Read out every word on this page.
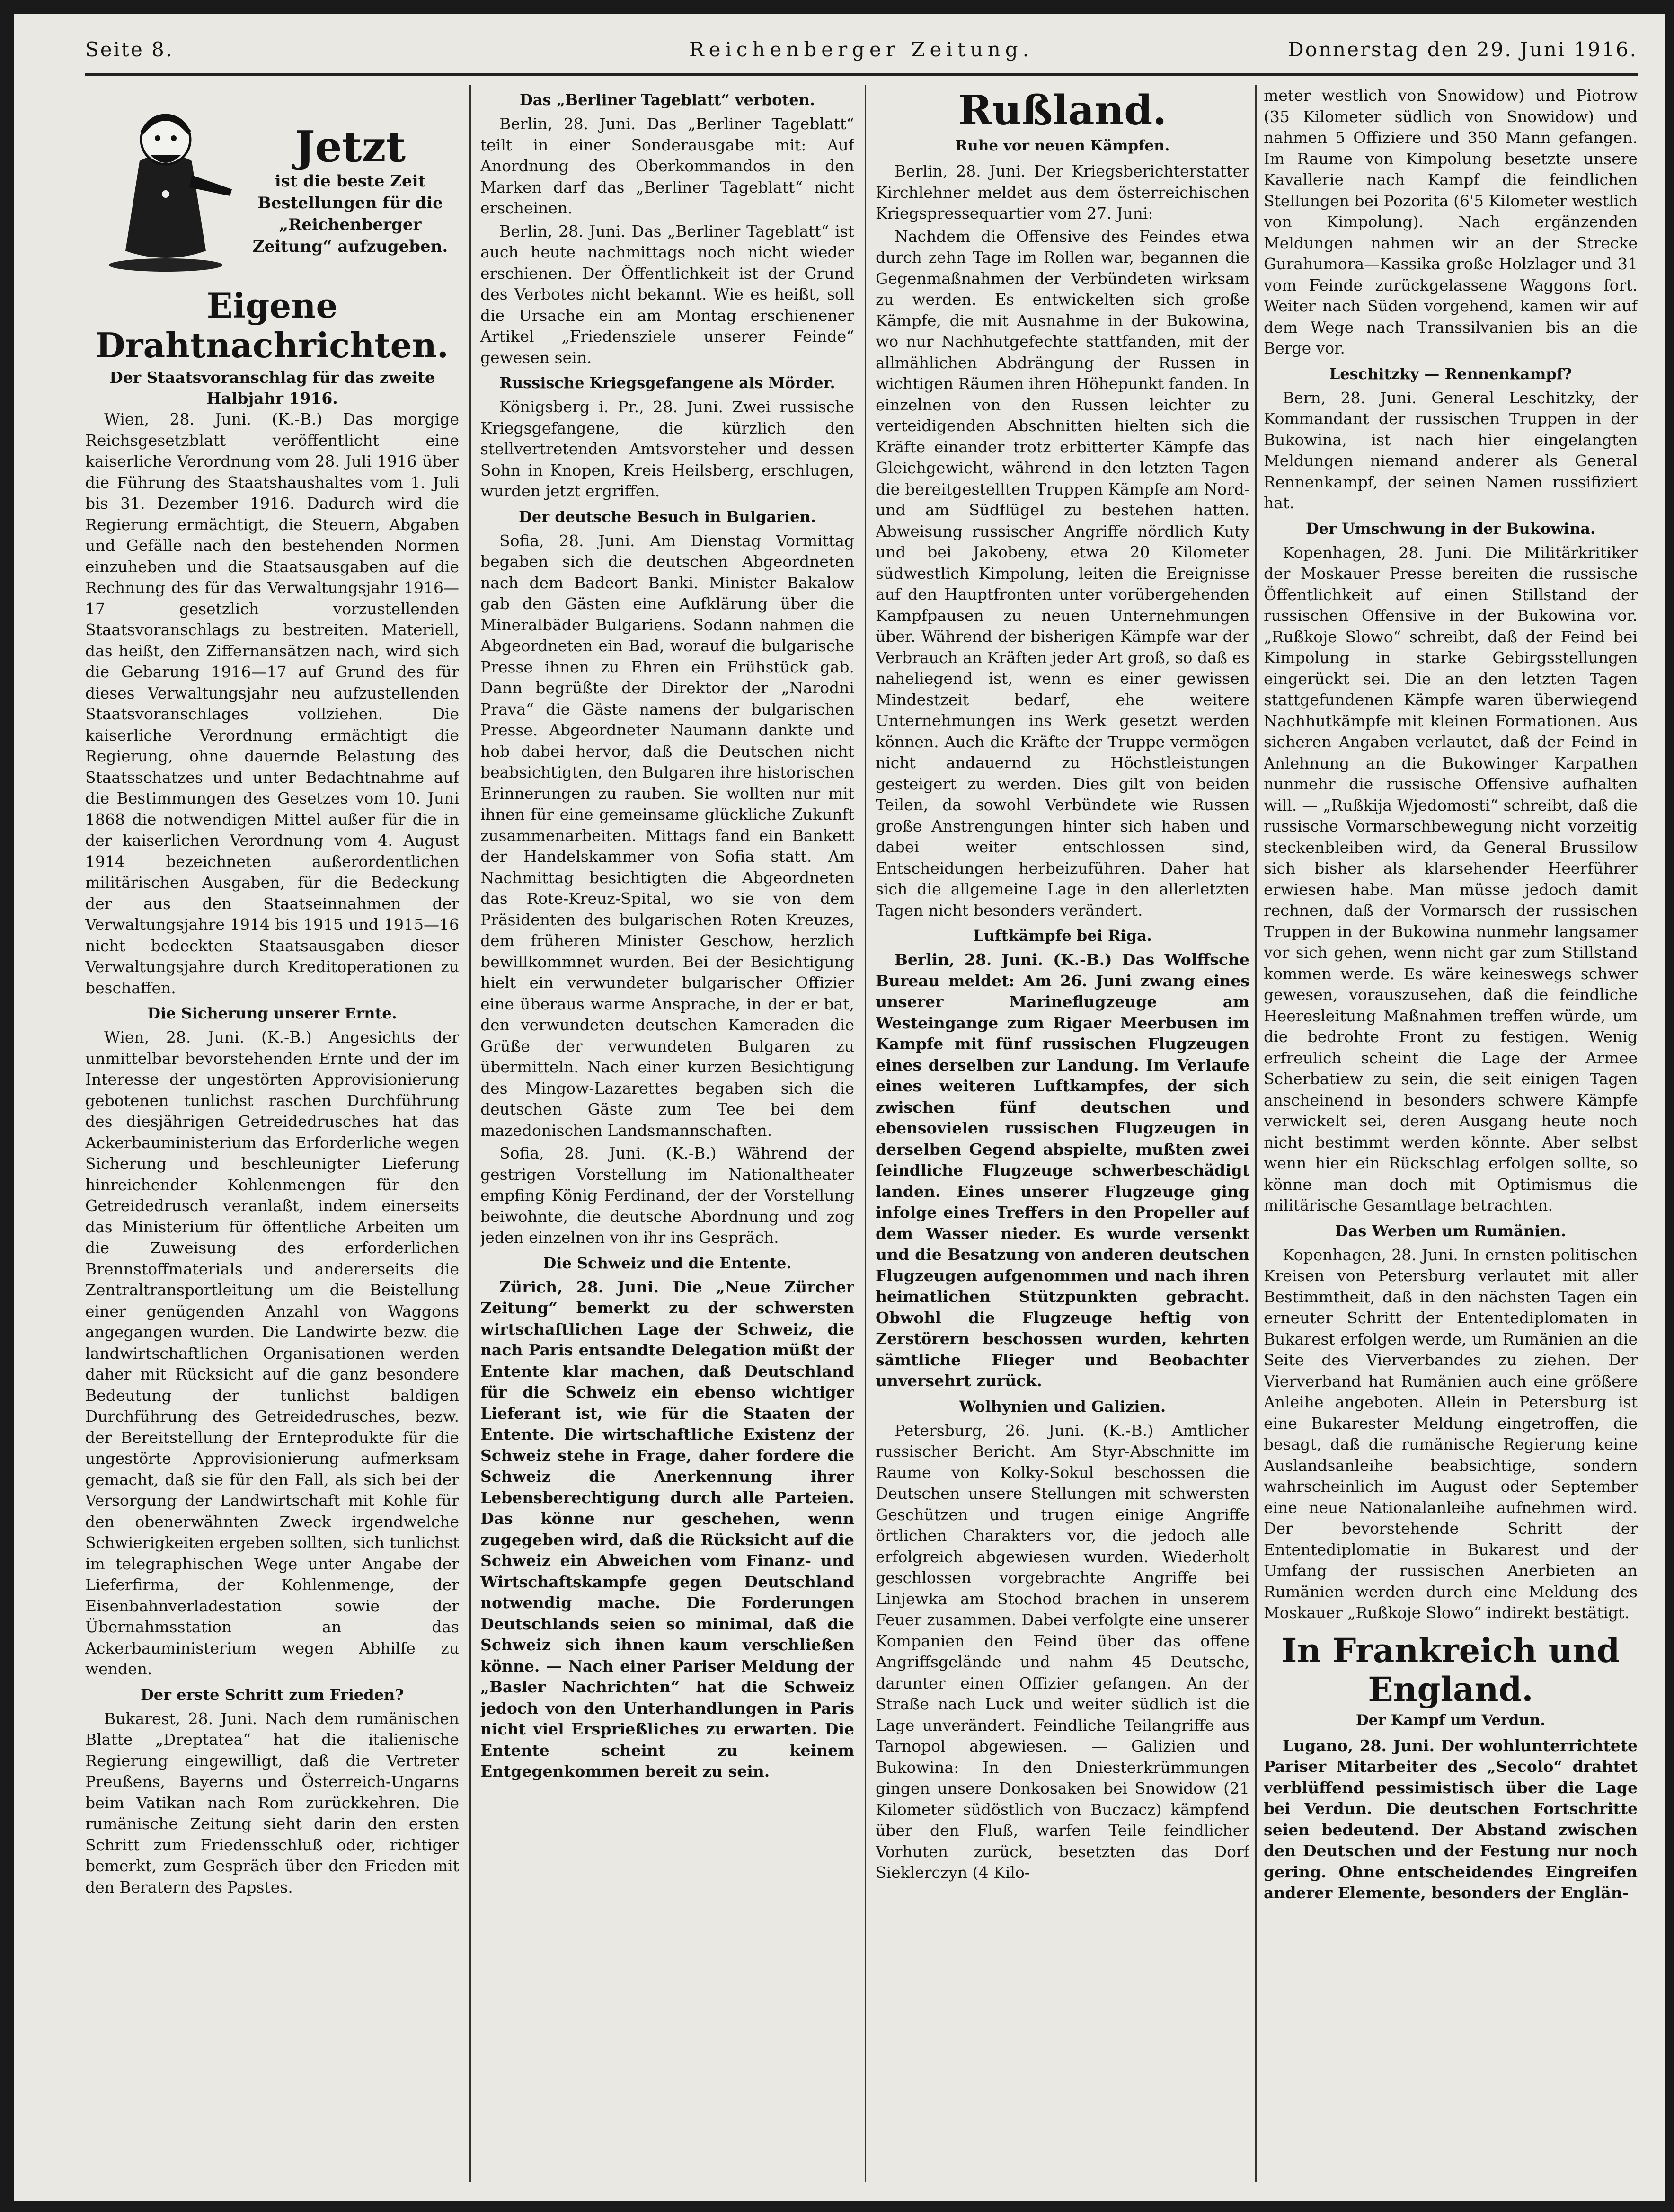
Seite 8.	Reichenberger Zeitung.	Donnerstag den 29. Juni 1916.
Jetzt
ist die beste Zeit Bestellungen für die „Reichenberger Zeitung“ aufzugeben.
Eigene Drahtnachrichten.
Der Staatsvoranschlag für das zweite Halbjahr 1916.

Wien, 28. Juni. (K.-B.) Das morgige Reichsgesetzblatt veröffentlicht eine kaiserliche Verordnung vom 28. Juli 1916 über die Führung des Staatshaushaltes vom 1. Juli bis 31. Dezember 1916. Dadurch wird die Regierung ermächtigt, die Steuern, Abgaben und Gefälle nach den bestehenden Normen einzuheben und die Staatsausgaben auf die Rechnung des für das Verwaltungsjahr 1916—17 gesetzlich vorzustellenden Staatsvoranschlags zu bestreiten. Materiell, das heißt, den Ziffernansätzen nach, wird sich die Gebarung 1916—17 auf Grund des für dieses Verwaltungsjahr neu aufzustellenden Staatsvoranschlages vollziehen. Die kaiserliche Verordnung ermächtigt die Regierung, ohne dauernde Belastung des Staatsschatzes und unter Bedachtnahme auf die Bestimmungen des Gesetzes vom 10. Juni 1868 die notwendigen Mittel außer für die in der kaiserlichen Verordnung vom 4. August 1914 bezeichneten außerordentlichen militärischen Ausgaben, für die Bedeckung der aus den Staatseinnahmen der Verwaltungsjahre 1914 bis 1915 und 1915—16 nicht bedeckten Staatsausgaben dieser Verwaltungsjahre durch Kreditoperationen zu beschaffen.

Die Sicherung unserer Ernte.

Wien, 28. Juni. (K.-B.) Angesichts der unmittelbar bevorstehenden Ernte und der im Interesse der ungestörten Approvisionierung gebotenen tunlichst raschen Durchführung des diesjährigen Getreidedrusches hat das Ackerbauministerium das Erforderliche wegen Sicherung und beschleunigter Lieferung hinreichender Kohlenmengen für den Getreidedrusch veranlaßt, indem einerseits das Ministerium für öffentliche Arbeiten um die Zuweisung des erforderlichen Brennstoffmaterials und andererseits die Zentraltransportleitung um die Beistellung einer genügenden Anzahl von Waggons angegangen wurden. Die Landwirte bezw. die landwirtschaftlichen Organisationen werden daher mit Rücksicht auf die ganz besondere Bedeutung der tunlichst baldigen Durchführung des Getreidedrusches, bezw. der Bereitstellung der Ernteprodukte für die ungestörte Approvisionierung aufmerksam gemacht, daß sie für den Fall, als sich bei der Versorgung der Landwirtschaft mit Kohle für den obenerwähnten Zweck irgendwelche Schwierigkeiten ergeben sollten, sich tunlichst im telegraphischen Wege unter Angabe der Lieferfirma, der Kohlenmenge, der Eisenbahnverladestation sowie der Übernahmsstation an das Ackerbauministerium wegen Abhilfe zu wenden.

Der erste Schritt zum Frieden?

Bukarest, 28. Juni. Nach dem rumänischen Blatte „Dreptatea“ hat die italienische Regierung eingewilligt, daß die Vertreter Preußens, Bayerns und Österreich-Ungarns beim Vatikan nach Rom zurückkehren. Die rumänische Zeitung sieht darin den ersten Schritt zum Friedensschluß oder, richtiger bemerkt, zum Gespräch über den Frieden mit den Beratern des Papstes.

Das „Berliner Tageblatt“ verboten.

Berlin, 28. Juni. Das „Berliner Tageblatt“ teilt in einer Sonderausgabe mit: Auf Anordnung des Oberkommandos in den Marken darf das „Berliner Tageblatt“ nicht erscheinen.

Berlin, 28. Juni. Das „Berliner Tageblatt“ ist auch heute nachmittags noch nicht wieder erschienen. Der Öffentlichkeit ist der Grund des Verbotes nicht bekannt. Wie es heißt, soll die Ursache ein am Montag erschienener Artikel „Friedensziele unserer Feinde“ gewesen sein.

Russische Kriegsgefangene als Mörder.

Königsberg i. Pr., 28. Juni. Zwei russische Kriegsgefangene, die kürzlich den stellvertretenden Amtsvorsteher und dessen Sohn in Knopen, Kreis Heilsberg, erschlugen, wurden jetzt ergriffen.

Der deutsche Besuch in Bulgarien.

Sofia, 28. Juni. Am Dienstag Vormittag begaben sich die deutschen Abgeordneten nach dem Badeort Banki. Minister Bakalow gab den Gästen eine Aufklärung über die Mineralbäder Bulgariens. Sodann nahmen die Abgeordneten ein Bad, worauf die bulgarische Presse ihnen zu Ehren ein Frühstück gab. Dann begrüßte der Direktor der „Narodni Prava“ die Gäste namens der bulgarischen Presse. Abgeordneter Naumann dankte und hob dabei hervor, daß die Deutschen nicht beabsichtigten, den Bulgaren ihre historischen Erinnerungen zu rauben. Sie wollten nur mit ihnen für eine gemeinsame glückliche Zukunft zusammenarbeiten. Mittags fand ein Bankett der Handelskammer von Sofia statt. Am Nachmittag besichtigten die Abgeordneten das Rote-Kreuz-Spital, wo sie von dem Präsidenten des bulgarischen Roten Kreuzes, dem früheren Minister Geschow, herzlich bewillkommnet wurden. Bei der Besichtigung hielt ein verwundeter bulgarischer Offizier eine überaus warme Ansprache, in der er bat, den verwundeten deutschen Kameraden die Grüße der verwundeten Bulgaren zu übermitteln. Nach einer kurzen Besichtigung des Mingow-Lazarettes begaben sich die deutschen Gäste zum Tee bei dem mazedonischen Landsmannschaften.

Sofia, 28. Juni. (K.-B.) Während der gestrigen Vorstellung im Nationaltheater empfing König Ferdinand, der der Vorstellung beiwohnte, die deutsche Abordnung und zog jeden einzelnen von ihr ins Gespräch.

Die Schweiz und die Entente.

Zürich, 28. Juni. Die „Neue Zürcher Zeitung“ bemerkt zu der schwersten wirtschaftlichen Lage der Schweiz, die nach Paris entsandte Delegation müßt der Entente klar machen, daß Deutschland für die Schweiz ein ebenso wichtiger Lieferant ist, wie für die Staaten der Entente. Die wirtschaftliche Existenz der Schweiz stehe in Frage, daher fordere die Schweiz die Anerkennung ihrer Lebensberechtigung durch alle Parteien. Das könne nur geschehen, wenn zugegeben wird, daß die Rücksicht auf die Schweiz ein Abweichen vom Finanz- und Wirtschaftskampfe gegen Deutschland notwendig mache. Die Forderungen Deutschlands seien so minimal, daß die Schweiz sich ihnen kaum verschließen könne. — Nach einer Pariser Meldung der „Basler Nachrichten“ hat die Schweiz jedoch von den Unterhandlungen in Paris nicht viel Ersprießliches zu erwarten. Die Entente scheint zu keinem Entgegenkommen bereit zu sein.

Rußland.
Ruhe vor neuen Kämpfen.

Berlin, 28. Juni. Der Kriegsberichterstatter Kirchlehner meldet aus dem österreichischen Kriegspressequartier vom 27. Juni:

Nachdem die Offensive des Feindes etwa durch zehn Tage im Rollen war, begannen die Gegenmaßnahmen der Verbündeten wirksam zu werden. Es entwickelten sich große Kämpfe, die mit Ausnahme in der Bukowina, wo nur Nachhutgefechte stattfanden, mit der allmählichen Abdrängung der Russen in wichtigen Räumen ihren Höhepunkt fanden. In einzelnen von den Russen leichter zu verteidigenden Abschnitten hielten sich die Kräfte einander trotz erbitterter Kämpfe das Gleichgewicht, während in den letzten Tagen die bereitgestellten Truppen Kämpfe am Nord- und am Südflügel zu bestehen hatten. Abweisung russischer Angriffe nördlich Kuty und bei Jakobeny, etwa 20 Kilometer südwestlich Kimpolung, leiten die Ereignisse auf den Hauptfronten unter vorübergehenden Kampfpausen zu neuen Unternehmungen über. Während der bisherigen Kämpfe war der Verbrauch an Kräften jeder Art groß, so daß es naheliegend ist, wenn es einer gewissen Mindestzeit bedarf, ehe weitere Unternehmungen ins Werk gesetzt werden können. Auch die Kräfte der Truppe vermögen nicht andauernd zu Höchstleistungen gesteigert zu werden. Dies gilt von beiden Teilen, da sowohl Verbündete wie Russen große Anstrengungen hinter sich haben und dabei weiter entschlossen sind, Entscheidungen herbeizuführen. Daher hat sich die allgemeine Lage in den allerletzten Tagen nicht besonders verändert.

Luftkämpfe bei Riga.

Berlin, 28. Juni. (K.-B.) Das Wolffsche Bureau meldet: Am 26. Juni zwang eines unserer Marineflugzeuge am Westeingange zum Rigaer Meerbusen im Kampfe mit fünf russischen Flugzeugen eines derselben zur Landung. Im Verlaufe eines weiteren Luftkampfes, der sich zwischen fünf deutschen und ebensovielen russischen Flugzeugen in derselben Gegend abspielte, mußten zwei feindliche Flugzeuge schwerbeschädigt landen. Eines unserer Flugzeuge ging infolge eines Treffers in den Propeller auf dem Wasser nieder. Es wurde versenkt und die Besatzung von anderen deutschen Flugzeugen aufgenommen und nach ihren heimatlichen Stützpunkten gebracht. Obwohl die Flugzeuge heftig von Zerstörern beschossen wurden, kehrten sämtliche Flieger und Beobachter unversehrt zurück.

Wolhynien und Galizien.

Petersburg, 26. Juni. (K.-B.) Amtlicher russischer Bericht. Am Styr-Abschnitte im Raume von Kolky-Sokul beschossen die Deutschen unsere Stellungen mit schwersten Geschützen und trugen einige Angriffe örtlichen Charakters vor, die jedoch alle erfolgreich abgewiesen wurden. Wiederholt geschlossen vorgebrachte Angriffe bei Linjewka am Stochod brachen in unserem Feuer zusammen. Dabei verfolgte eine unserer Kompanien den Feind über das offene Angriffsgelände und nahm 45 Deutsche, darunter einen Offizier gefangen. An der Straße nach Luck und weiter südlich ist die Lage unverändert. Feindliche Teilangriffe aus Tarnopol abgewiesen. — Galizien und Bukowina: In den Dniesterkrümmungen gingen unsere Donkosaken bei Snowidow (21 Kilometer südöstlich von Buczacz) kämpfend über den Fluß, warfen Teile feindlicher Vorhuten zurück, besetzten das Dorf Sieklerczyn (4 Kilo-

meter westlich von Snowidow) und Piotrow (35 Kilometer südlich von Snowidow) und nahmen 5 Offiziere und 350 Mann gefangen. Im Raume von Kimpolung besetzte unsere Kavallerie nach Kampf die feindlichen Stellungen bei Pozorita (6'5 Kilometer westlich von Kimpolung). Nach ergänzenden Meldungen nahmen wir an der Strecke Gurahumora—Kassika große Holzlager und 31 vom Feinde zurückgelassene Waggons fort. Weiter nach Süden vorgehend, kamen wir auf dem Wege nach Transsilvanien bis an die Berge vor.

Leschitzky — Rennenkampf?

Bern, 28. Juni. General Leschitzky, der Kommandant der russischen Truppen in der Bukowina, ist nach hier eingelangten Meldungen niemand anderer als General Rennenkampf, der seinen Namen russifiziert hat.

Der Umschwung in der Bukowina.

Kopenhagen, 28. Juni. Die Militärkritiker der Moskauer Presse bereiten die russische Öffentlichkeit auf einen Stillstand der russischen Offensive in der Bukowina vor. „Rußkoje Slowo“ schreibt, daß der Feind bei Kimpolung in starke Gebirgsstellungen eingerückt sei. Die an den letzten Tagen stattgefundenen Kämpfe waren überwiegend Nachhutkämpfe mit kleinen Formationen. Aus sicheren Angaben verlautet, daß der Feind in Anlehnung an die Bukowinger Karpathen nunmehr die russische Offensive aufhalten will. — „Rußkija Wjedomosti“ schreibt, daß die russische Vormarschbewegung nicht vorzeitig steckenbleiben wird, da General Brussilow sich bisher als klarsehender Heerführer erwiesen habe. Man müsse jedoch damit rechnen, daß der Vormarsch der russischen Truppen in der Bukowina nunmehr langsamer vor sich gehen, wenn nicht gar zum Stillstand kommen werde. Es wäre keineswegs schwer gewesen, vorauszusehen, daß die feindliche Heeresleitung Maßnahmen treffen würde, um die bedrohte Front zu festigen. Wenig erfreulich scheint die Lage der Armee Scherbatiew zu sein, die seit einigen Tagen anscheinend in besonders schwere Kämpfe verwickelt sei, deren Ausgang heute noch nicht bestimmt werden könnte. Aber selbst wenn hier ein Rückschlag erfolgen sollte, so könne man doch mit Optimismus die militärische Gesamtlage betrachten.

Das Werben um Rumänien.

Kopenhagen, 28. Juni. In ernsten politischen Kreisen von Petersburg verlautet mit aller Bestimmtheit, daß in den nächsten Tagen ein erneuter Schritt der Ententediplomaten in Bukarest erfolgen werde, um Rumänien an die Seite des Vierverbandes zu ziehen. Der Vierverband hat Rumänien auch eine größere Anleihe angeboten. Allein in Petersburg ist eine Bukarester Meldung eingetroffen, die besagt, daß die rumänische Regierung keine Auslandsanleihe beabsichtige, sondern wahrscheinlich im August oder September eine neue Nationalanleihe aufnehmen wird. Der bevorstehende Schritt der Ententediplomatie in Bukarest und der Umfang der russischen Anerbieten an Rumänien werden durch eine Meldung des Moskauer „Rußkoje Slowo“ indirekt bestätigt.

In Frankreich und England.
Der Kampf um Verdun.

Lugano, 28. Juni. Der wohlunterrichtete Pariser Mitarbeiter des „Secolo“ drahtet verblüffend pessimistisch über die Lage bei Verdun. Die deutschen Fortschritte seien bedeutend. Der Abstand zwischen den Deutschen und der Festung nur noch gering. Ohne entscheidendes Eingreifen anderer Elemente, besonders der Englän-
